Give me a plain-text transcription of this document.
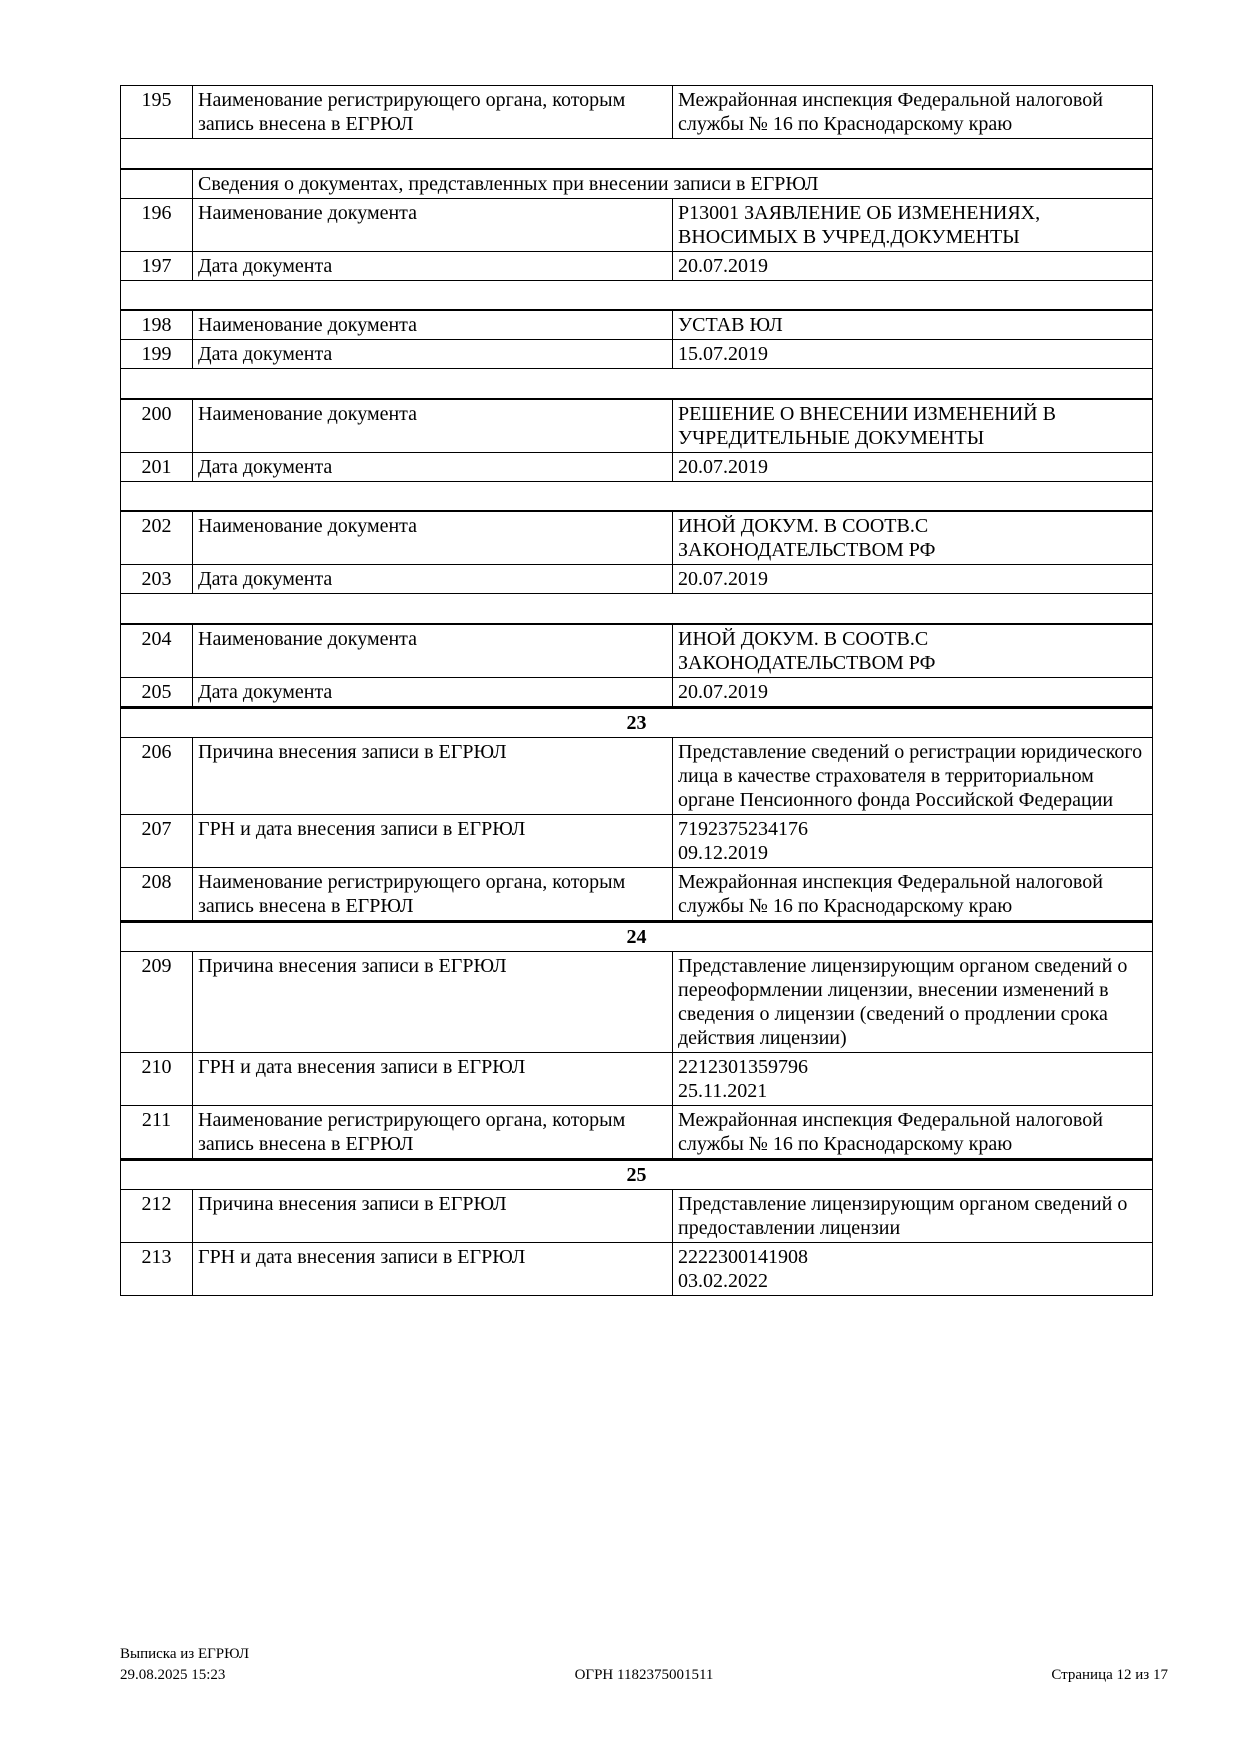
195	Наименование регистрирующего органа, которым запись внесена в ЕГРЮЛ	Межрайонная инспекция Федеральной налоговой службы № 16 по Краснодарскому краю

	Сведения о документах, представленных при внесении записи в ЕГРЮЛ	
196	Наименование документа	Р13001 ЗАЯВЛЕНИЕ ОБ ИЗМЕНЕНИЯХ, ВНОСИМЫХ В УЧРЕД.ДОКУМЕНТЫ

197	Дата документа	20.07.2019

198	Наименование документа	УСТАВ ЮЛ

199	Дата документа	15.07.2019

200	Наименование документа	РЕШЕНИЕ О ВНЕСЕНИИ ИЗМЕНЕНИЙ В УЧРЕДИТЕЛЬНЫЕ ДОКУМЕНТЫ

201	Дата документа	20.07.2019

202	Наименование документа	ИНОЙ ДОКУМ. В СООТВ.С ЗАКОНОДАТЕЛЬСТВОМ РФ

203	Дата документа	20.07.2019

204	Наименование документа	ИНОЙ ДОКУМ. В СООТВ.С ЗАКОНОДАТЕЛЬСТВОМ РФ

205	Дата документа	20.07.2019

23		
206	Причина внесения записи в ЕГРЮЛ	Представление сведений о регистрации юридического лица в качестве страхователя в территориальном органе Пенсионного фонда Российской Федерации

207	ГРН и дата внесения записи в ЕГРЮЛ	7192375234176
09.12.2019

208	Наименование регистрирующего органа, которым запись внесена в ЕГРЮЛ	Межрайонная инспекция Федеральной налоговой службы № 16 по Краснодарскому краю

24		
209	Причина внесения записи в ЕГРЮЛ	Представление лицензирующим органом сведений о переоформлении лицензии, внесении изменений в сведения о лицензии (сведений о продлении срока действия лицензии)

210	ГРН и дата внесения записи в ЕГРЮЛ	2212301359796
25.11.2021

211	Наименование регистрирующего органа, которым запись внесена в ЕГРЮЛ	Межрайонная инспекция Федеральной налоговой службы № 16 по Краснодарскому краю

25		
212	Причина внесения записи в ЕГРЮЛ	Представление лицензирующим органом сведений о предоставлении лицензии

213	ГРН и дата внесения записи в ЕГРЮЛ	2222300141908
03.02.2022
Выписка из ЕГРЮЛ
29.08.2025 15:23	ОГРН 1182375001511	Страница 12 из 17
